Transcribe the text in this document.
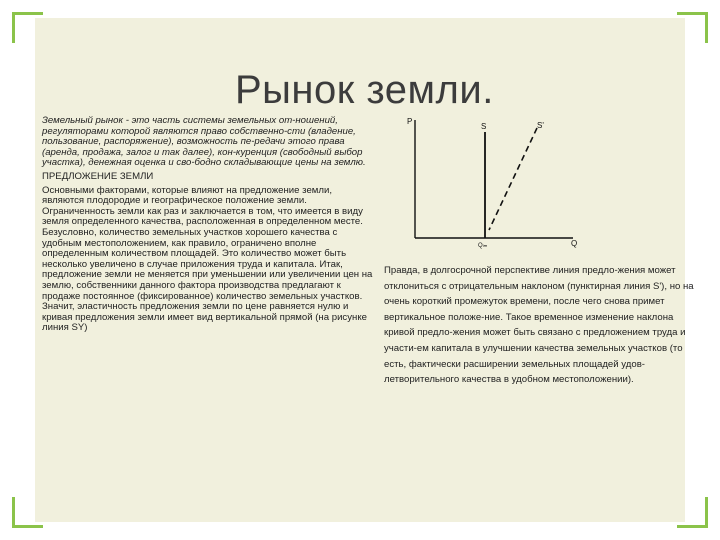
Рынок земли.

Земельный рынок - это часть системы земельных от-ношений, регуляторами которой являются право собственно-сти (владение, пользование, распоряжение), возможность пе-редачи этого права (аренда, продажа, залог и так далее), кон-куренция (свободный выбор участка), денежная оценка и сво-бодно складывающие цены на землю.

ПРЕДЛОЖЕНИЕ ЗЕМЛИ

Основными факторами, которые влияют на предложение земли, являются плодородие и географическое положение земли. Ограниченность земли как раз и заключается в том, что имеется в виду земля определенного качества, расположенная в определенном месте. Безусловно, количество земельных участков хорошего качества с удобным местоположением, как правило, ограничено вполне определенным количеством площадей. Это количество может быть несколько увеличено в случае приложения труда и капитала. Итак, предложение земли не меняется при уменьшении или увеличении цен на землю, собственники данного фактора производства предлагают к продаже постоянное (фиксированное) количество земельных участков. Значит, эластичность предложения земли по цене равняется нулю и кривая предложения земли имеет вид вертикальной прямой (на рисунке линия SY)

P
Q
S	S'
Qₗₘ
Правда, в долгосрочной перспективе линия предло-жения может отклониться с отрицательным наклоном (пунктирная линия S'), но на очень короткий промежуток времени, после чего снова примет вертикальное положе-ние. Такое временное изменение наклона кривой предло-жения может быть связано с предложением труда и участи-ем капитала в улучшении качества земельных участков (то есть, фактически расширении земельных площадей удов-летворительного качества в удобном местоположении).
